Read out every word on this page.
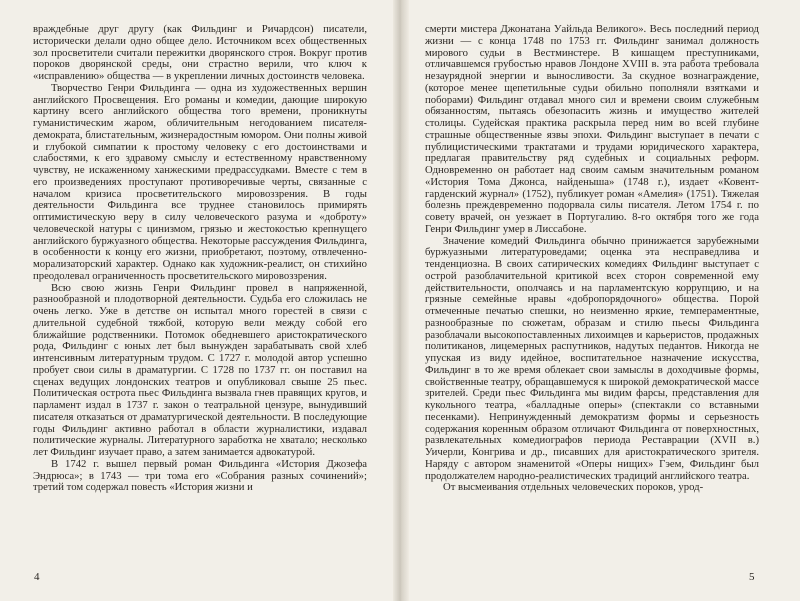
враждебные друг другу (как Фильдинг и Ричардсон) писатели, исторически делали одно общее дело. Источником всех общественных зол просветители считали пережитки дворянского строя. Вокруг против пороков дворянской среды, они страстно верили, что ключ к «исправлению» общества — в укреплении личных достоинств человека.

Творчество Генри Фильдинга — одна из художественных вершин английского Просвещения. Его романы и комедии, дающие широкую картину всего английского общества того времени, проникнуты гуманистическим жаром, обличительным негодованием писателя-демократа, блистательным, жизнерадостным юмором. Они полны живой и глубокой симпатии к простому человеку с его достоинствами и слабостями, к его здравому смыслу и естественному нравственному чувству, не искаженному ханжескими предрассудками. Вместе с тем в его произведениях проступают противоречивые черты, связанные с началом кризиса просветительского мировоззрения. В годы деятельности Фильдинга все труднее становилось примирять оптимистическую веру в силу человеческого разума и «доброту» человеческой натуры с цинизмом, грязью и жестокостью крепнущего английского буржуазного общества. Некоторые рассуждения Фильдинга, в особенности к концу его жизни, приобретают, поэтому, отвлеченно-морализаторский характер. Однако как художник-реалист, он стихийно преодолевал ограниченность просветительского мировоззрения.

Всю свою жизнь Генри Фильдинг провел в напряженной, разнообразной и плодотворной деятельности. Судьба его сложилась не очень легко. Уже в детстве он испытал много горестей в связи с длительной судебной тяжбой, которую вели между собой его ближайшие родственники. Потомок обедневшего аристократического рода, Фильдинг с юных лет был вынужден зарабатывать свой хлеб интенсивным литературным трудом. С 1727 г. молодой автор успешно пробует свои силы в драматургии. С 1728 по 1737 гг. он поставил на сценах ведущих лондонских театров и опубликовал свыше 25 пьес. Политическая острота пьес Фильдинга вызвала гнев правящих кругов, и парламент издал в 1737 г. закон о театральной цензуре, вынудивший писателя отказаться от драматургической деятельности. В последующие годы Фильдинг активно работал в области журналистики, издавал политические журналы. Литературного заработка не хватало; несколько лет Фильдинг изучает право, а затем занимается адвокатурой.

В 1742 г. вышел первый роман Фильдинга «История Джозефа Эндрюса»; в 1743 — три тома его «Собрания разных сочинений»; третий том содержал повесть «История жизни и

4

смерти мистера Джонатана Уайльда Великого». Весь последний период жизни — с конца 1748 по 1753 гг. Фильдинг занимал должность мирового судьи в Вестминстере. В кишащем преступниками, отличавшемся грубостью нравов Лондоне XVIII в. эта работа требовала незаурядной энергии и выносливости. За скудное вознаграждение, (которое менее щепетильные судьи обильно пополняли взятками и поборами) Фильдинг отдавал много сил и времени своим служебным обязанностям, пытаясь обезопасить жизнь и имущество жителей столицы. Судейская практика раскрыла перед ним во всей глубине страшные общественные язвы эпохи. Фильдинг выступает в печати с публицистическими трактатами и трудами юридического характера, предлагая правительству ряд судебных и социальных реформ. Одновременно он работает над своим самым значительным романом «История Тома Джонса, найденыша» (1748 г.), издает «Ковент-гарденский журнал» (1752), публикует роман «Амелия» (1751). Тяжелая болезнь преждевременно подорвала силы писателя. Летом 1754 г. по совету врачей, он уезжает в Португалию. 8-го октября того же года Генри Фильдинг умер в Лиссабоне.

Значение комедий Фильдинга обычно принижается зарубежными буржуазными литературоведами; оценка эта несправедлива и тенденциозна. В своих сатирических комедиях Фильдинг выступает с острой разоблачительной критикой всех сторон современной ему действительности, ополчаясь и на парламентскую коррупцию, и на грязные семейные нравы «добропорядочного» общества. Порой отмеченные печатью спешки, но неизменно яркие, темпераментные, разнообразные по сюжетам, образам и стилю пьесы Фильдинга разоблачали высокопоставленных лихоимцев и карьеристов, продажных политиканов, лицемерных распутников, надутых педантов. Никогда не упуская из виду идейное, воспитательное назначение искусства, Фильдинг в то же время облекает свои замыслы в доходчивые формы, свойственные театру, обращавшемуся к широкой демократической массе зрителей. Среди пьес Фильдинга мы видим фарсы, представления для кукольного театра, «балладные оперы» (спектакли со вставными песенками). Непринужденный демократизм формы и серьезность содержания коренным образом отличают Фильдинга от поверхностных, развлекательных комедиографов периода Реставрации (XVII в.) Уичерли, Конгрива и др., писавших для аристократического зрителя. Наряду с автором знаменитой «Оперы нищих» Гэем, Фильдинг был продолжателем народно-реалистических традиций английского театра.

От высмеивания отдельных человеческих пороков, урод-

5
